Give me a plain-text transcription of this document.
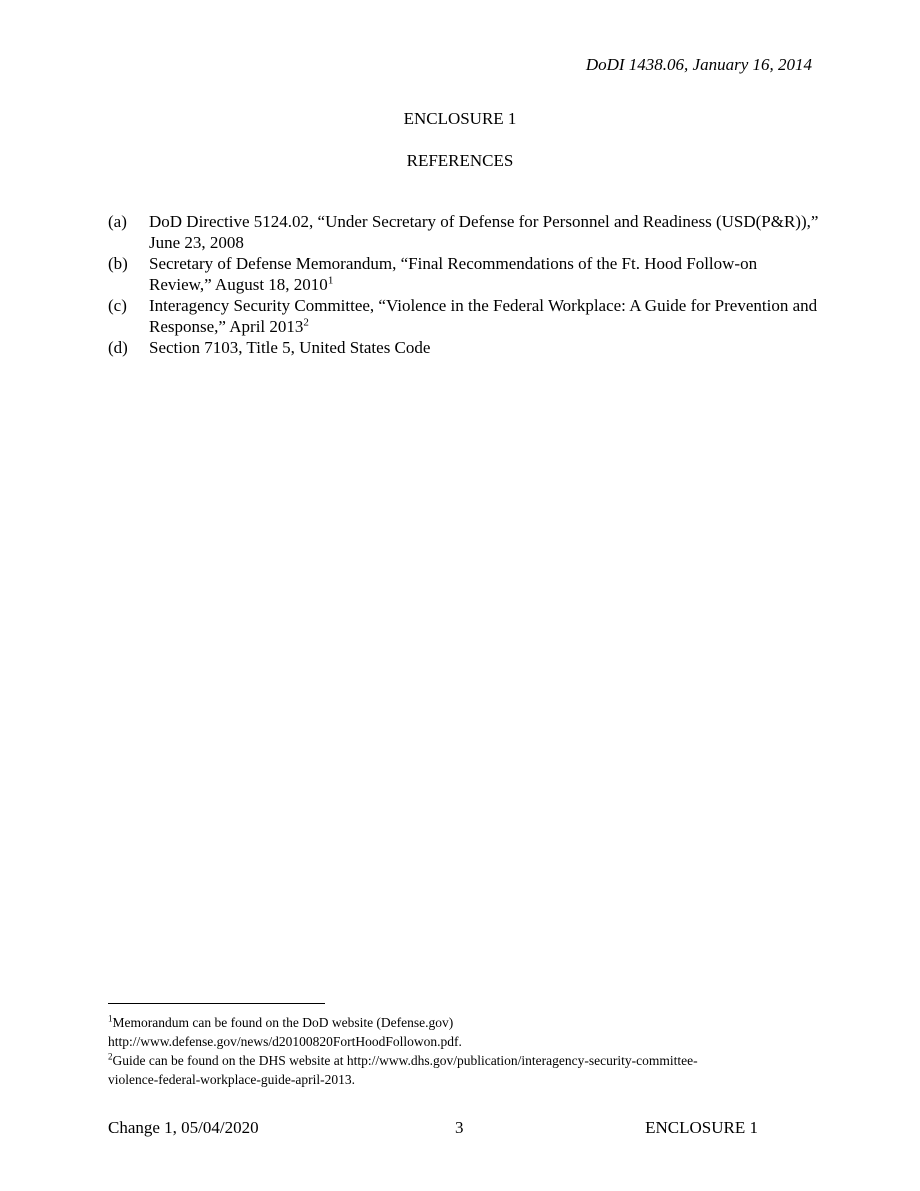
DoDI 1438.06, January 16, 2014
ENCLOSURE 1
REFERENCES
(a)	DoD Directive 5124.02, “Under Secretary of Defense for Personnel and Readiness (USD(P&R)),” June 23, 2008
(b)	Secretary of Defense Memorandum, “Final Recommendations of the Ft. Hood Follow-on Review,” August 18, 2010$^1$
(c)	Interagency Security Committee, “Violence in the Federal Workplace: A Guide for Prevention and Response,” April 2013$^2$
(d)	Section 7103, Title 5, United States Code

$^1$Memorandum can be found on the DoD website (Defense.gov)

http://www.defense.gov/news/d20100820FortHoodFollowon.pdf.

$^2$Guide can be found on the DHS website at http://www.dhs.gov/publication/interagency-security-committee-

violence-federal-workplace-guide-april-2013.

Change 1, 05/04/2020	3	ENCLOSURE 1
